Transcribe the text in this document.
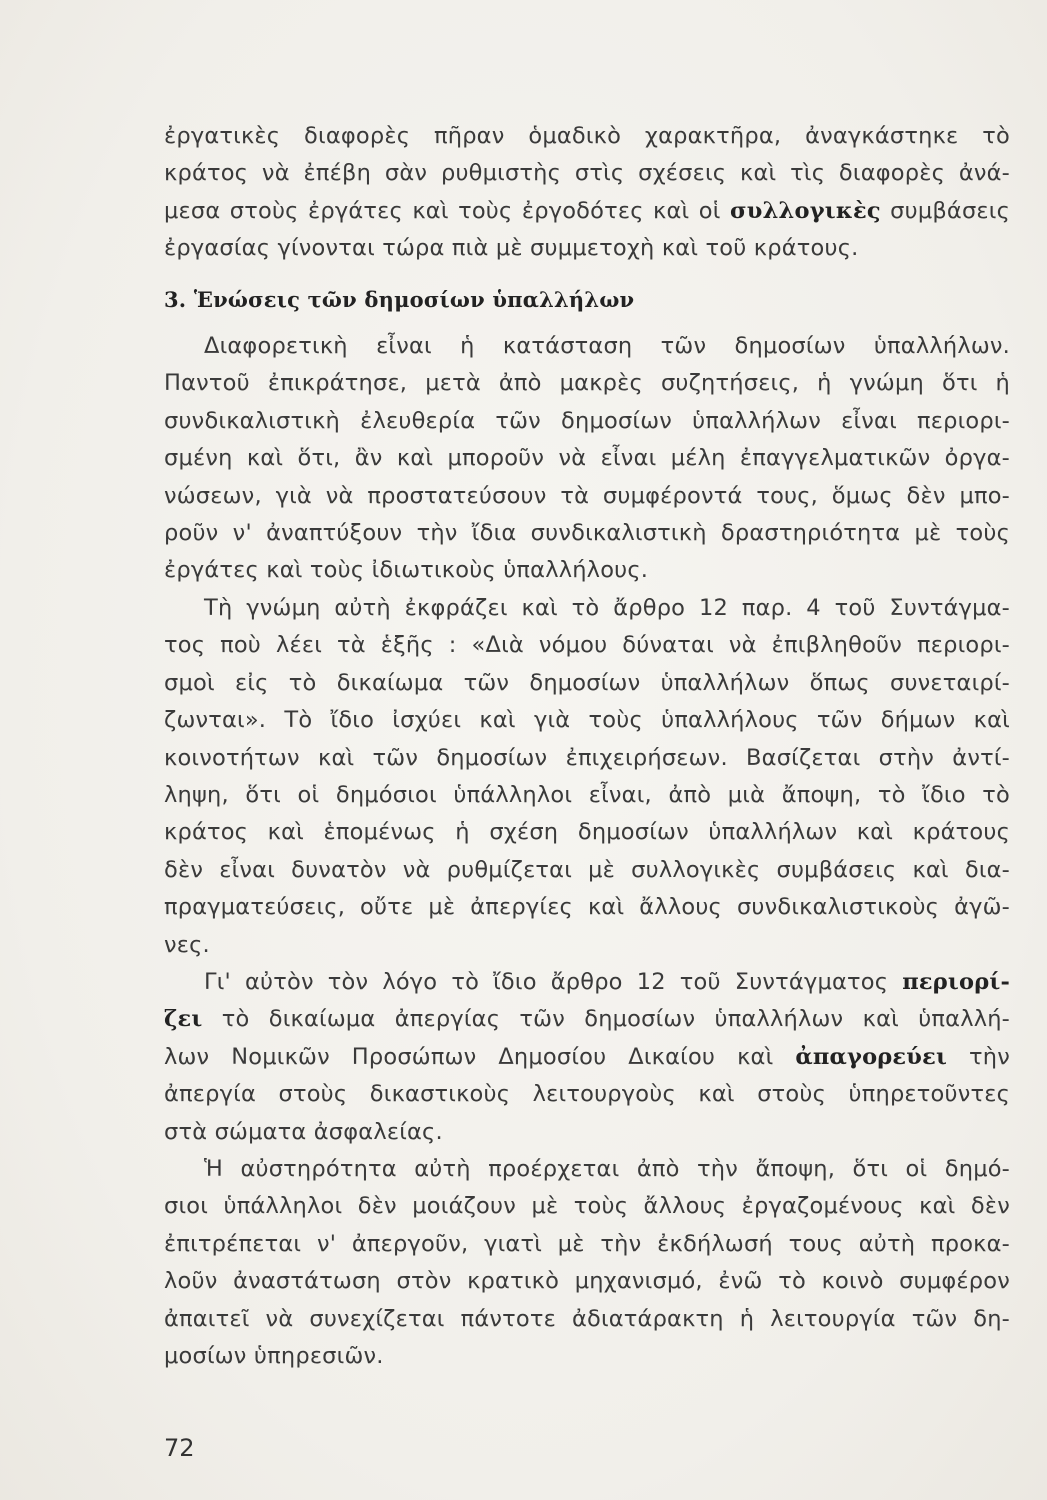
ἐργατικὲς διαφορὲς πῆραν ὁμαδικὸ χαρακτῆρα, ἀναγκάστηκε τὸ
κράτος νὰ ἐπέβη σὰν ρυθμιστὴς στὶς σχέσεις καὶ τὶς διαφορὲς ἀνά-
μεσα στοὺς ἐργάτες καὶ τοὺς ἐργοδότες καὶ οἱ συλλογικὲς συμβάσεις
ἐργασίας γίνονται τώρα πιὰ μὲ συμμετοχὴ καὶ τοῦ κράτους.
3. Ἑνώσεις τῶν δημοσίων ὑπαλλήλων
Διαφορετικὴ εἶναι ἡ κατάσταση τῶν δημοσίων ὑπαλλήλων.
Παντοῦ ἐπικράτησε, μετὰ ἀπὸ μακρὲς συζητήσεις, ἡ γνώμη ὅτι ἡ
συνδικαλιστικὴ ἐλευθερία τῶν δημοσίων ὑπαλλήλων εἶναι περιορι-
σμένη καὶ ὅτι, ἂν καὶ μποροῦν νὰ εἶναι μέλη ἐπαγγελματικῶν ὀργα-
νώσεων, γιὰ νὰ προστατεύσουν τὰ συμφέροντά τους, ὅμως δὲν μπο-
ροῦν ν' ἀναπτύξουν τὴν ἴδια συνδικαλιστικὴ δραστηριότητα μὲ τοὺς
ἐργάτες καὶ τοὺς ἰδιωτικοὺς ὑπαλλήλους.
Τὴ γνώμη αὐτὴ ἐκφράζει καὶ τὸ ἄρθρο 12 παρ. 4 τοῦ Συντάγμα-
τος ποὺ λέει τὰ ἑξῆς : «Διὰ νόμου δύναται νὰ ἐπιβληθοῦν περιορι-
σμοὶ εἰς τὸ δικαίωμα τῶν δημοσίων ὑπαλλήλων ὅπως συνεταιρί-
ζωνται». Τὸ ἴδιο ἰσχύει καὶ γιὰ τοὺς ὑπαλλήλους τῶν δήμων καὶ
κοινοτήτων καὶ τῶν δημοσίων ἐπιχειρήσεων. Βασίζεται στὴν ἀντί-
ληψη, ὅτι οἱ δημόσιοι ὑπάλληλοι εἶναι, ἀπὸ μιὰ ἄποψη, τὸ ἴδιο τὸ
κράτος καὶ ἑπομένως ἡ σχέση δημοσίων ὑπαλλήλων καὶ κράτους
δὲν εἶναι δυνατὸν νὰ ρυθμίζεται μὲ συλλογικὲς συμβάσεις καὶ δια-
πραγματεύσεις, οὔτε μὲ ἀπεργίες καὶ ἄλλους συνδικαλιστικοὺς ἀγῶ-
νες.
Γι' αὐτὸν τὸν λόγο τὸ ἴδιο ἄρθρο 12 τοῦ Συντάγματος περιορί-
ζει τὸ δικαίωμα ἀπεργίας τῶν δημοσίων ὑπαλλήλων καὶ ὑπαλλή-
λων Νομικῶν Προσώπων Δημοσίου Δικαίου καὶ ἀπαγορεύει τὴν
ἀπεργία στοὺς δικαστικοὺς λειτουργοὺς καὶ στοὺς ὑπηρετοῦντες
στὰ σώματα ἀσφαλείας.
Ἡ αὐστηρότητα αὐτὴ προέρχεται ἀπὸ τὴν ἄποψη, ὅτι οἱ δημό-
σιοι ὑπάλληλοι δὲν μοιάζουν μὲ τοὺς ἄλλους ἐργαζομένους καὶ δὲν
ἐπιτρέπεται ν' ἀπεργοῦν, γιατὶ μὲ τὴν ἐκδήλωσή τους αὐτὴ προκα-
λοῦν ἀναστάτωση στὸν κρατικὸ μηχανισμό, ἐνῶ τὸ κοινὸ συμφέρον
ἀπαιτεῖ νὰ συνεχίζεται πάντοτε ἀδιατάρακτη ἡ λειτουργία τῶν δη-
μοσίων ὑπηρεσιῶν.
72
